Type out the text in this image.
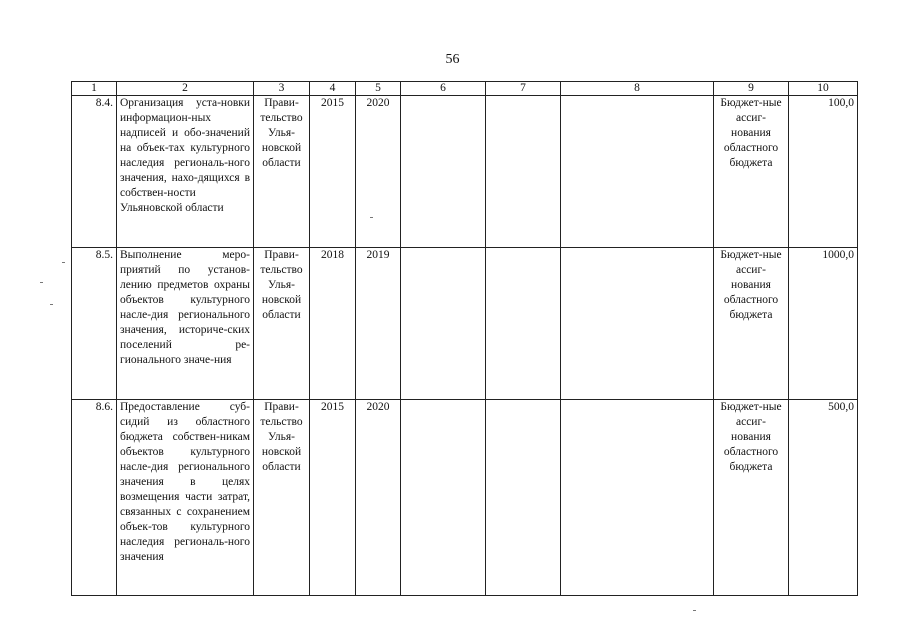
56
1	2	3	4	5	6	7	8	9	10
8.4.	Организация уста-новки информацион-ных надписей и обо-значений на объек-тах культурного наследия региональ-ного значения, нахо-дящихся в собствен-ности Ульяновской области	Прави-тельство Улья-новской области	2015	2020				Бюджет-ные ассиг-нования областного бюджета	100,0
8.5.	Выполнение меро-приятий по установ-лению предметов охраны объектов культурного насле-дия регионального значения, историче-ских поселений ре-гионального значе-ния	Прави-тельство Улья-новской области	2018	2019				Бюджет-ные ассиг-нования областного бюджета	1000,0
8.6.	Предоставление суб-сидий из областного бюджета собствен-никам объектов культурного насле-дия регионального значения в целях возмещения части затрат, связанных с сохранением объек-тов культурного наследия региональ-ного значения	Прави-тельство Улья-новской области	2015	2020				Бюджет-ные ассиг-нования областного бюджета	500,0
